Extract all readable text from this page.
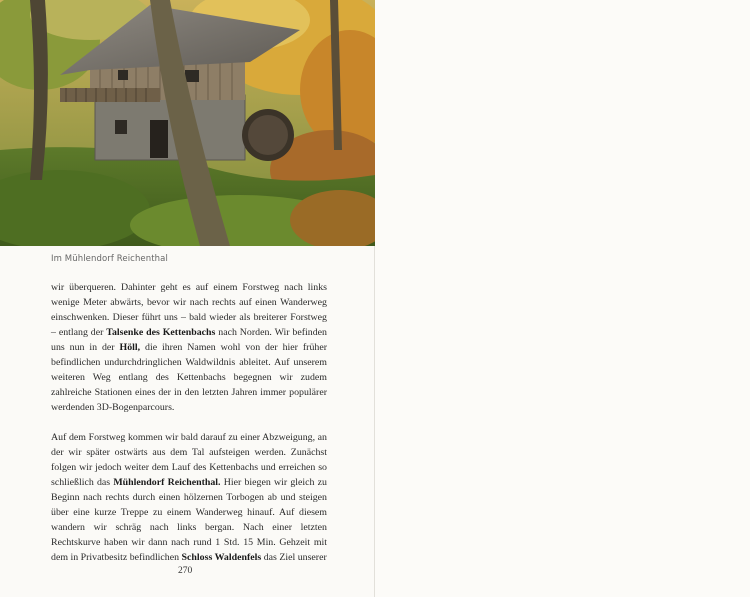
Im Mühlendorf Reichenthal

wir überqueren. Dahinter geht es auf einem Forstweg nach links wenige Meter abwärts, bevor wir nach rechts auf einen Wanderweg einschwenken. Dieser führt uns – bald wieder als breiterer Forstweg – entlang der Talsenke des Kettenbachs nach Norden. Wir befinden uns nun in der Höll, die ihren Namen wohl von der hier früher befindlichen undurchdringlichen Waldwildnis ableitet. Auf unserem weiteren Weg entlang des Kettenbachs begegnen wir zudem zahlreiche Stationen eines der in den letzten Jahren immer populärer werdenden 3D-Bogenparcours.

Auf dem Forstweg kommen wir bald darauf zu einer Abzweigung, an der wir später ostwärts aus dem Tal aufsteigen werden. Zunächst folgen wir jedoch weiter dem Lauf des Kettenbachs und erreichen so schließlich das Mühlendorf Reichenthal. Hier biegen wir gleich zu Beginn nach rechts durch einen hölzernen Torbogen ab und steigen über eine kurze Treppe zu einem Wanderweg hinauf. Auf diesem wandern wir schräg nach links bergan. Nach einer letzten Rechtskurve haben wir dann nach rund 1 Std. 15 Min. Gehzeit mit dem in Privatbesitz befindlichen Schloss Waldenfels das Ziel unserer

270
